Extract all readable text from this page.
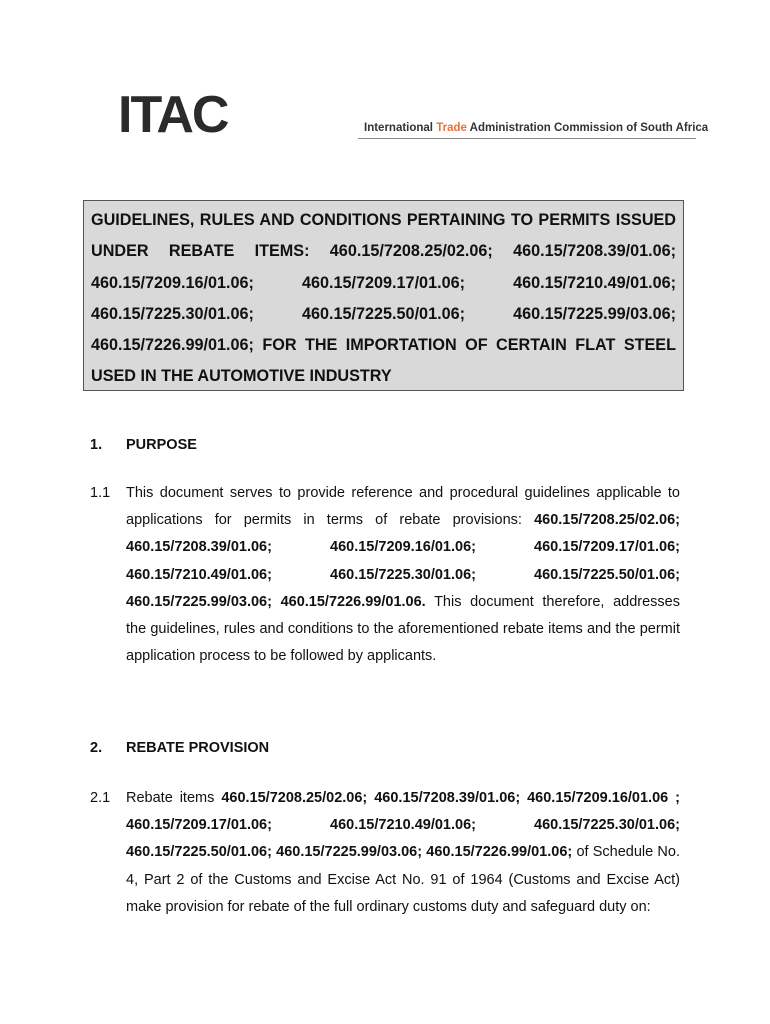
ITAC	International Trade Administration Commission of South Africa

GUIDELINES, RULES AND CONDITIONS PERTAINING TO PERMITS ISSUED UNDER REBATE ITEMS: 460.15/7208.25/02.06; 460.15/7208.39/01.06; 460.15/7209.16/01.06; 460.15/7209.17/01.06; 460.15/7210.49/01.06; 460.15/7225.30/01.06; 460.15/7225.50/01.06; 460.15/7225.99/03.06; 460.15/7226.99/01.06; FOR THE IMPORTATION OF CERTAIN FLAT STEEL USED IN THE AUTOMOTIVE INDUSTRY

1. PURPOSE
1.1 This document serves to provide reference and procedural guidelines applicable to applications for permits in terms of rebate provisions: 460.15/7208.25/02.06; 460.15/7208.39/01.06; 460.15/7209.16/01.06; 460.15/7209.17/01.06; 460.15/7210.49/01.06; 460.15/7225.30/01.06; 460.15/7225.50/01.06; 460.15/7225.99/03.06; 460.15/7226.99/01.06. This document therefore, addresses the guidelines, rules and conditions to the aforementioned rebate items and the permit application process to be followed by applicants.
2. REBATE PROVISION
2.1 Rebate items 460.15/7208.25/02.06; 460.15/7208.39/01.06; 460.15/7209.16/01.06 ; 460.15/7209.17/01.06; 460.15/7210.49/01.06; 460.15/7225.30/01.06; 460.15/7225.50/01.06; 460.15/7225.99/03.06; 460.15/7226.99/01.06; of Schedule No. 4, Part 2 of the Customs and Excise Act No. 91 of 1964 (Customs and Excise Act) make provision for rebate of the full ordinary customs duty and safeguard duty on:
